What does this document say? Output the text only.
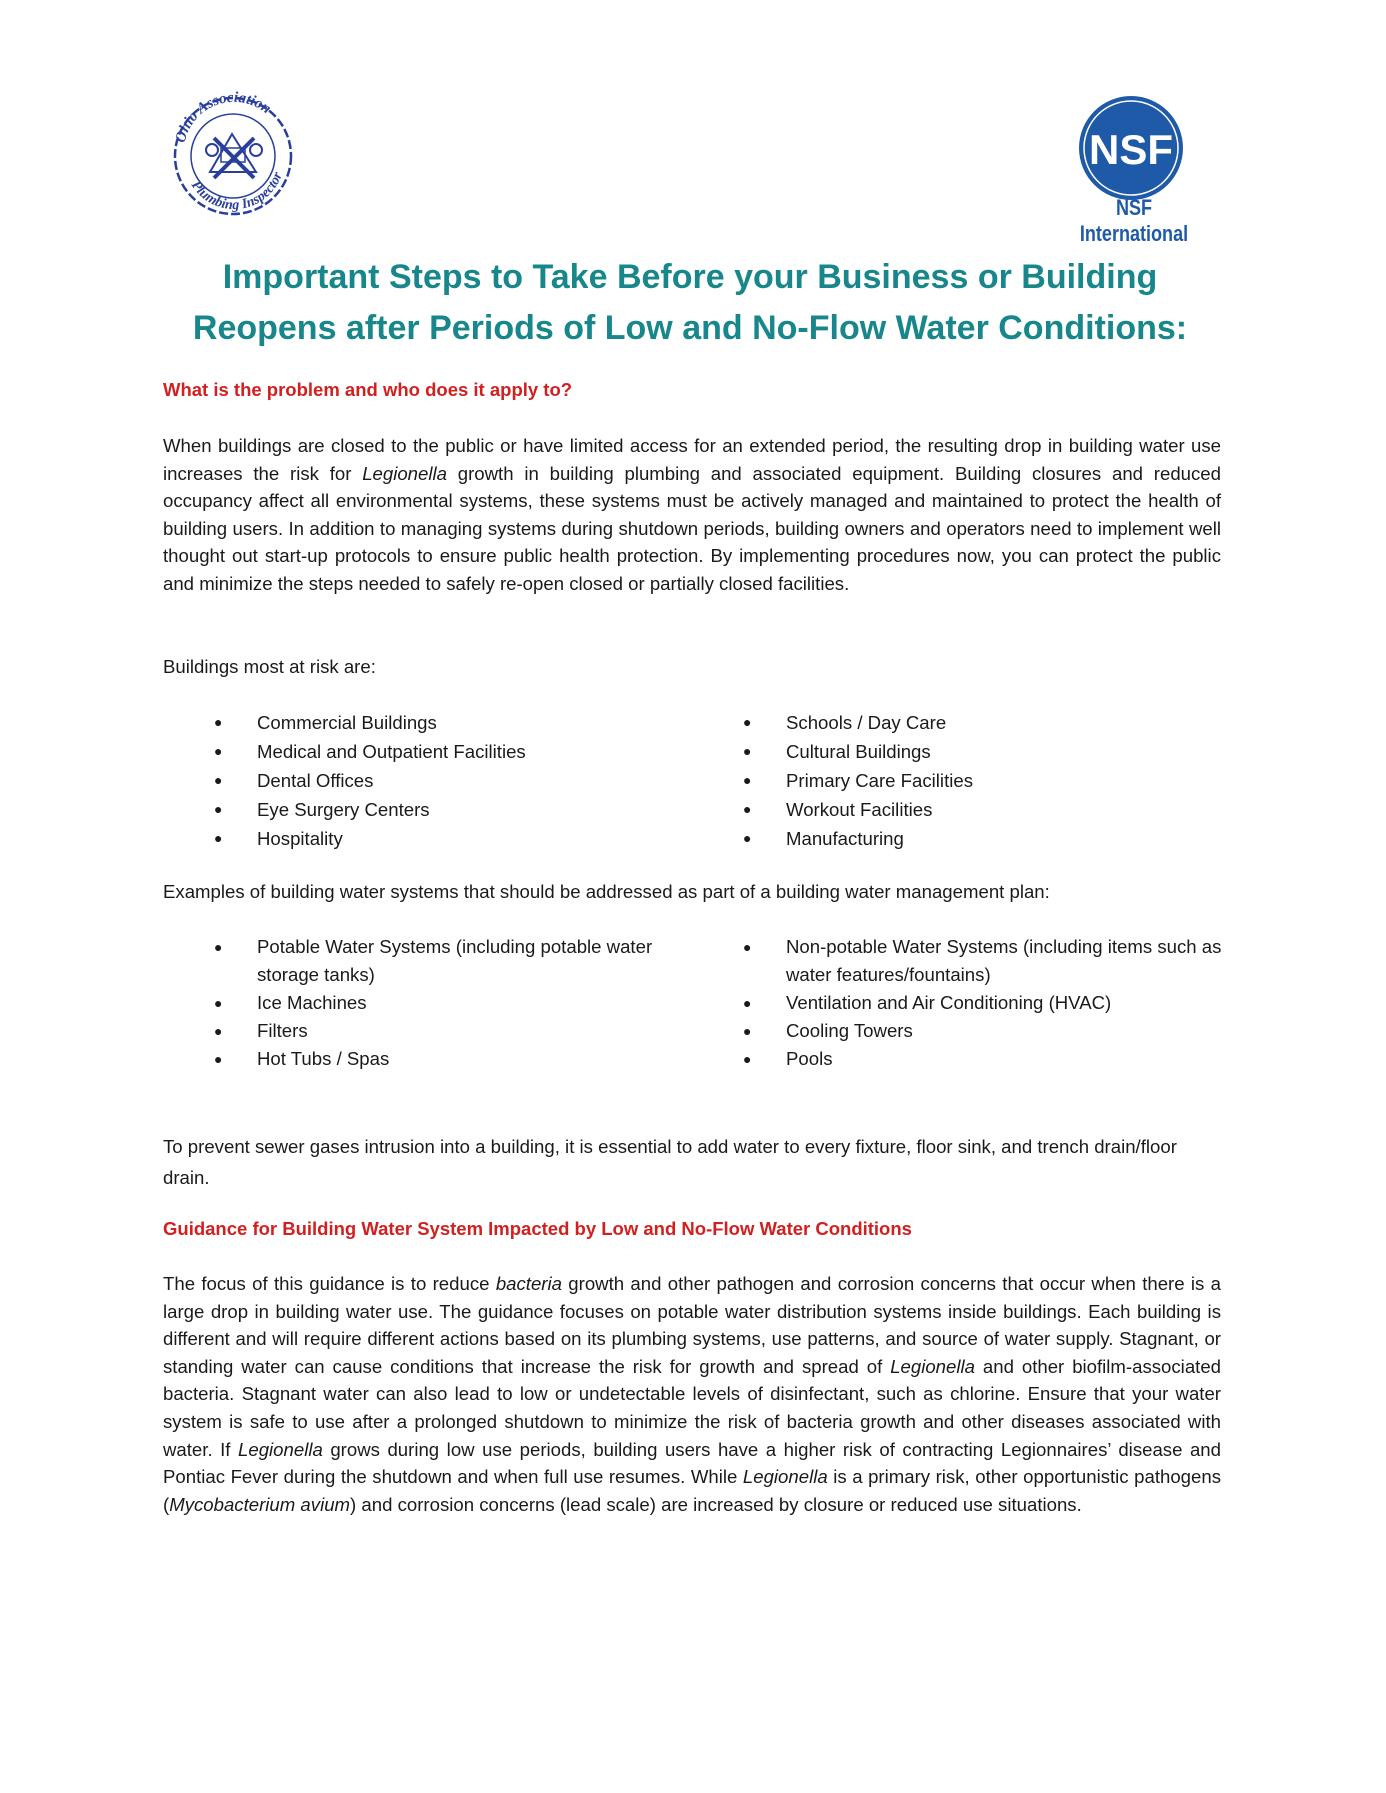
Ohio Association
Plumbing Inspector
NSF
NSF International
Important Steps to Take Before your Business or Building
Reopens after Periods of Low and No-Flow Water Conditions:
What is the problem and who does it apply to?
When buildings are closed to the public or have limited access for an extended period, the resulting drop in building water use increases the risk for Legionella growth in building plumbing and associated equipment. Building closures and reduced occupancy affect all environmental systems, these systems must be actively managed and maintained to protect the health of building users. In addition to managing systems during shutdown periods, building owners and operators need to implement well thought out start-up protocols to ensure public health protection. By implementing procedures now, you can protect the public and minimize the steps needed to safely re-open closed or partially closed facilities.
Buildings most at risk are:
● Commercial Buildings
● Medical and Outpatient Facilities
● Dental Offices
● Eye Surgery Centers
● Hospitality
● Schools / Day Care
● Cultural Buildings
● Primary Care Facilities
● Workout Facilities
● Manufacturing
Examples of building water systems that should be addressed as part of a building water management plan:
● Potable Water Systems (including potable water storage tanks)
● Ice Machines
● Filters
● Hot Tubs / Spas
● Non-potable Water Systems (including items such as water features/fountains)
● Ventilation and Air Conditioning (HVAC)
● Cooling Towers
● Pools
To prevent sewer gases intrusion into a building, it is essential to add water to every fixture, floor sink, and trench drain/floor drain.
Guidance for Building Water System Impacted by Low and No-Flow Water Conditions
The focus of this guidance is to reduce bacteria growth and other pathogen and corrosion concerns that occur when there is a large drop in building water use. The guidance focuses on potable water distribution systems inside buildings. Each building is different and will require different actions based on its plumbing systems, use patterns, and source of water supply. Stagnant, or standing water can cause conditions that increase the risk for growth and spread of Legionella and other biofilm-associated bacteria. Stagnant water can also lead to low or undetectable levels of disinfectant, such as chlorine. Ensure that your water system is safe to use after a prolonged shutdown to minimize the risk of bacteria growth and other diseases associated with water. If Legionella grows during low use periods, building users have a higher risk of contracting Legionnaires’ disease and Pontiac Fever during the shutdown and when full use resumes. While Legionella is a primary risk, other opportunistic pathogens (Mycobacterium avium) and corrosion concerns (lead scale) are increased by closure or reduced use situations.
